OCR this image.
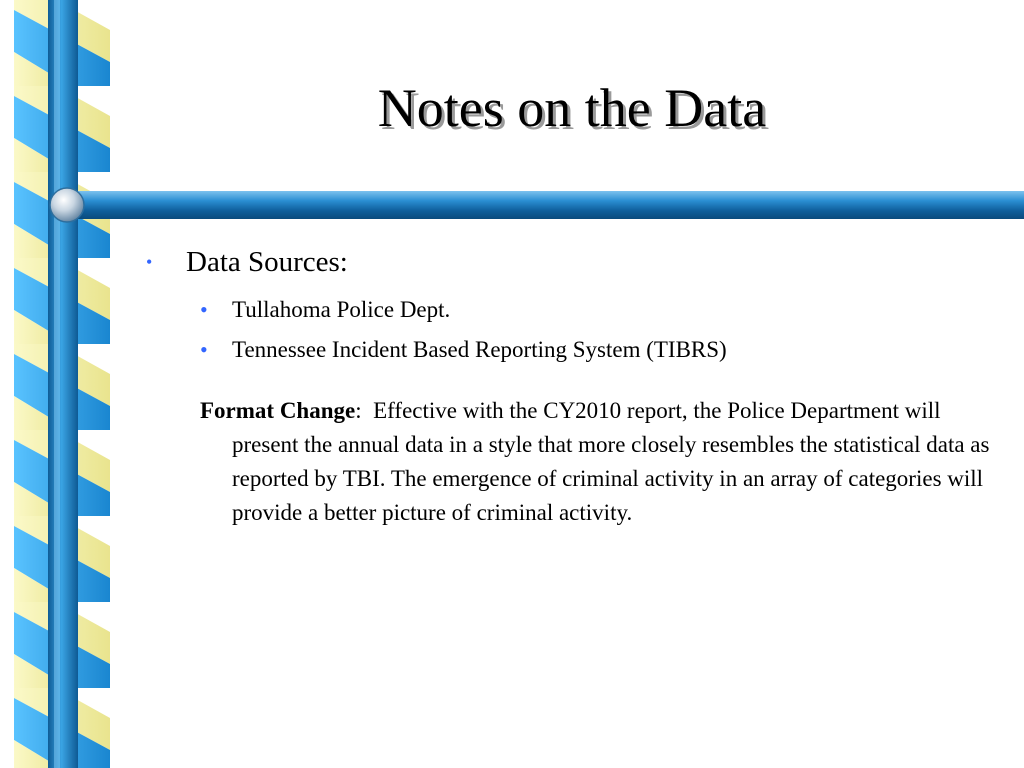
Notes on the Data
• Data Sources:
• Tullahoma Police Dept.
• Tennessee Incident Based Reporting System (TIBRS)

Format Change: Effective with the CY2010 report, the Police Department will present the annual data in a style that more closely resembles the statistical data as reported by TBI. The emergence of criminal activity in an array of categories will provide a better picture of criminal activity.
